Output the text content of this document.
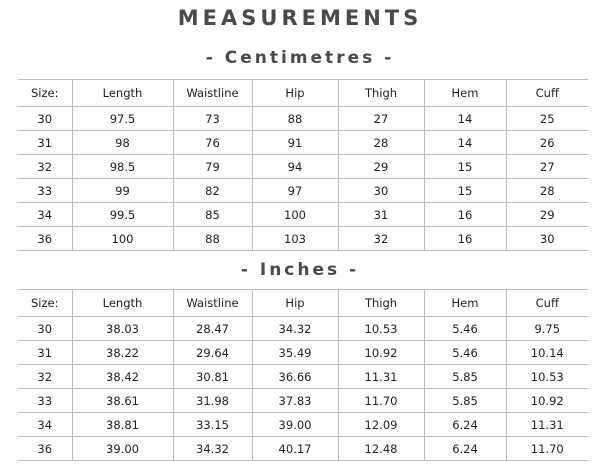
MEASUREMENTS
- Centimetres -
Size:	Length	Waistline	Hip	Thigh	Hem	Cuff
30	97.5	73	88	27	14	25
31	98	76	91	28	14	26
32	98.5	79	94	29	15	27
33	99	82	97	30	15	28
34	99.5	85	100	31	16	29
36	100	88	103	32	16	30
- Inches -
Size:	Length	Waistline	Hip	Thigh	Hem	Cuff
30	38.03	28.47	34.32	10.53	5.46	9.75
31	38.22	29.64	35.49	10.92	5.46	10.14
32	38.42	30.81	36.66	11.31	5.85	10.53
33	38.61	31.98	37.83	11.70	5.85	10.92
34	38.81	33.15	39.00	12.09	6.24	11.31
36	39.00	34.32	40.17	12.48	6.24	11.70
